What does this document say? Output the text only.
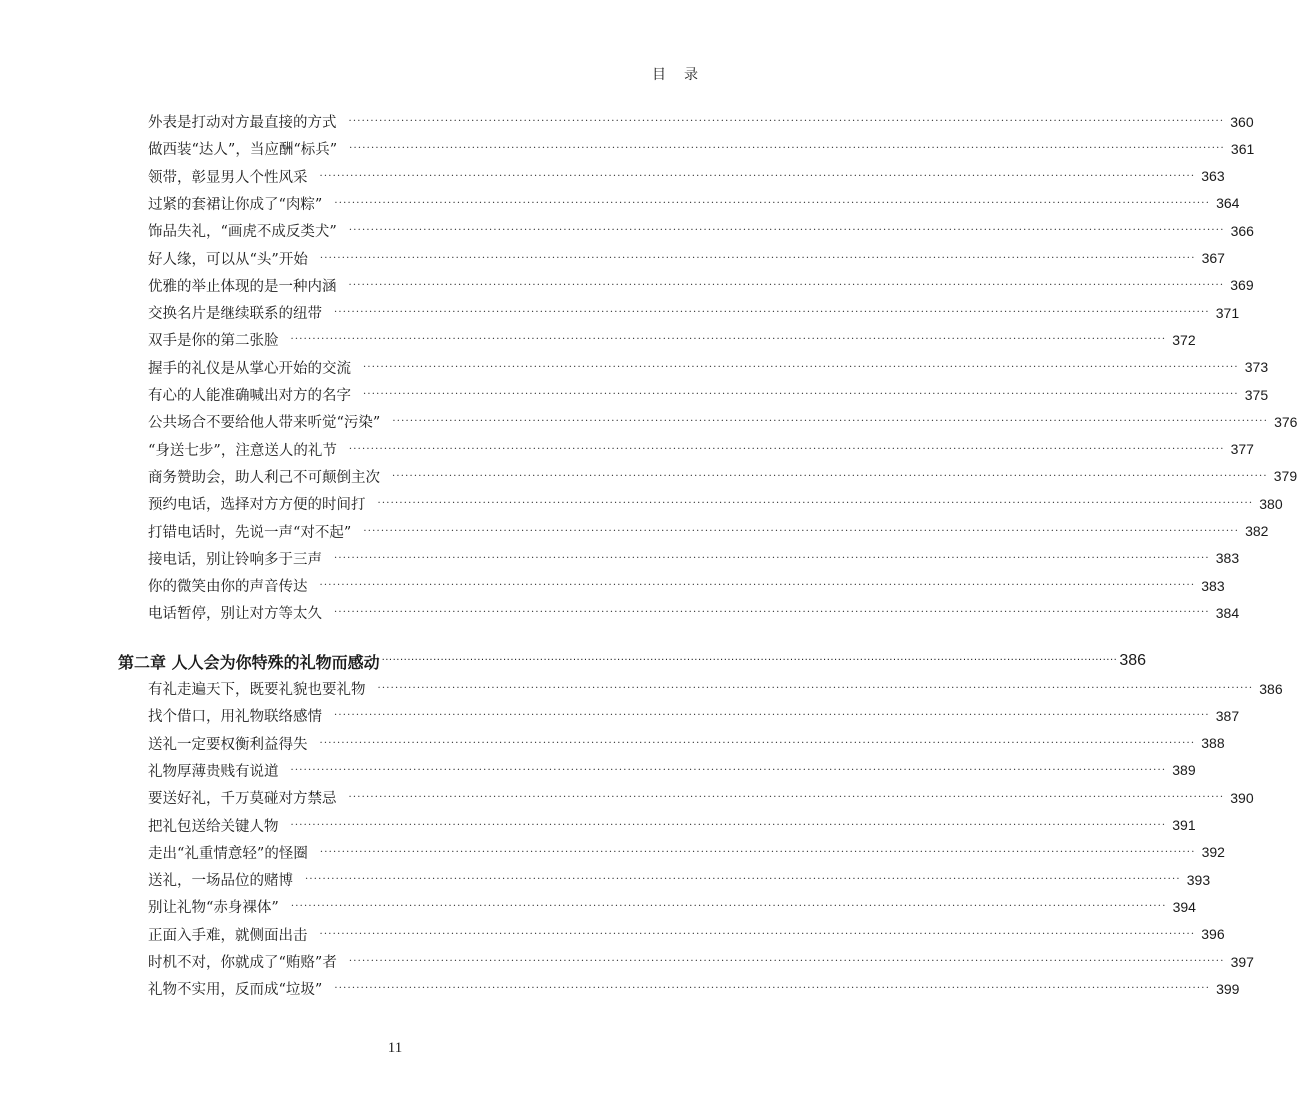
目录
外表是打动对方最直接的方式	········································································································································································································ 360
做西装“达人”，当应酬“标兵”	········································································································································································································ 361
领带，彰显男人个性风采	········································································································································································································ 363
过紧的套裙让你成了“肉粽”	········································································································································································································ 364
饰品失礼，“画虎不成反类犬”	········································································································································································································ 366
好人缘，可以从“头”开始	········································································································································································································ 367
优雅的举止体现的是一种内涵	········································································································································································································ 369
交换名片是继续联系的纽带	········································································································································································································ 371
双手是你的第二张脸	········································································································································································································ 372
握手的礼仪是从掌心开始的交流	········································································································································································································ 373
有心的人能准确喊出对方的名字	········································································································································································································ 375
公共场合不要给他人带来听觉“污染”	········································································································································································································ 376
“身送七步”，注意送人的礼节	········································································································································································································ 377
商务赞助会，助人利己不可颠倒主次	········································································································································································································ 379
预约电话，选择对方方便的时间打	········································································································································································································ 380
打错电话时，先说一声“对不起”	········································································································································································································ 382
接电话，别让铃响多于三声	········································································································································································································ 383
你的微笑由你的声音传达	········································································································································································································ 383
电话暂停，别让对方等太久	········································································································································································································ 384
第二章 人人会为你特殊的礼物而感动 ········································································································································································································ 386
有礼走遍天下，既要礼貌也要礼物	········································································································································································································ 386
找个借口，用礼物联络感情	········································································································································································································ 387
送礼一定要权衡利益得失	········································································································································································································ 388
礼物厚薄贵贱有说道	········································································································································································································ 389
要送好礼，千万莫碰对方禁忌	········································································································································································································ 390
把礼包送给关键人物	········································································································································································································ 391
走出“礼重情意轻”的怪圈	········································································································································································································ 392
送礼，一场品位的赌博	········································································································································································································ 393
别让礼物“赤身裸体”	········································································································································································································ 394
正面入手难，就侧面出击	········································································································································································································ 396
时机不对，你就成了“贿赂”者	········································································································································································································ 397
礼物不实用，反而成“垃圾”	········································································································································································································ 399
11
